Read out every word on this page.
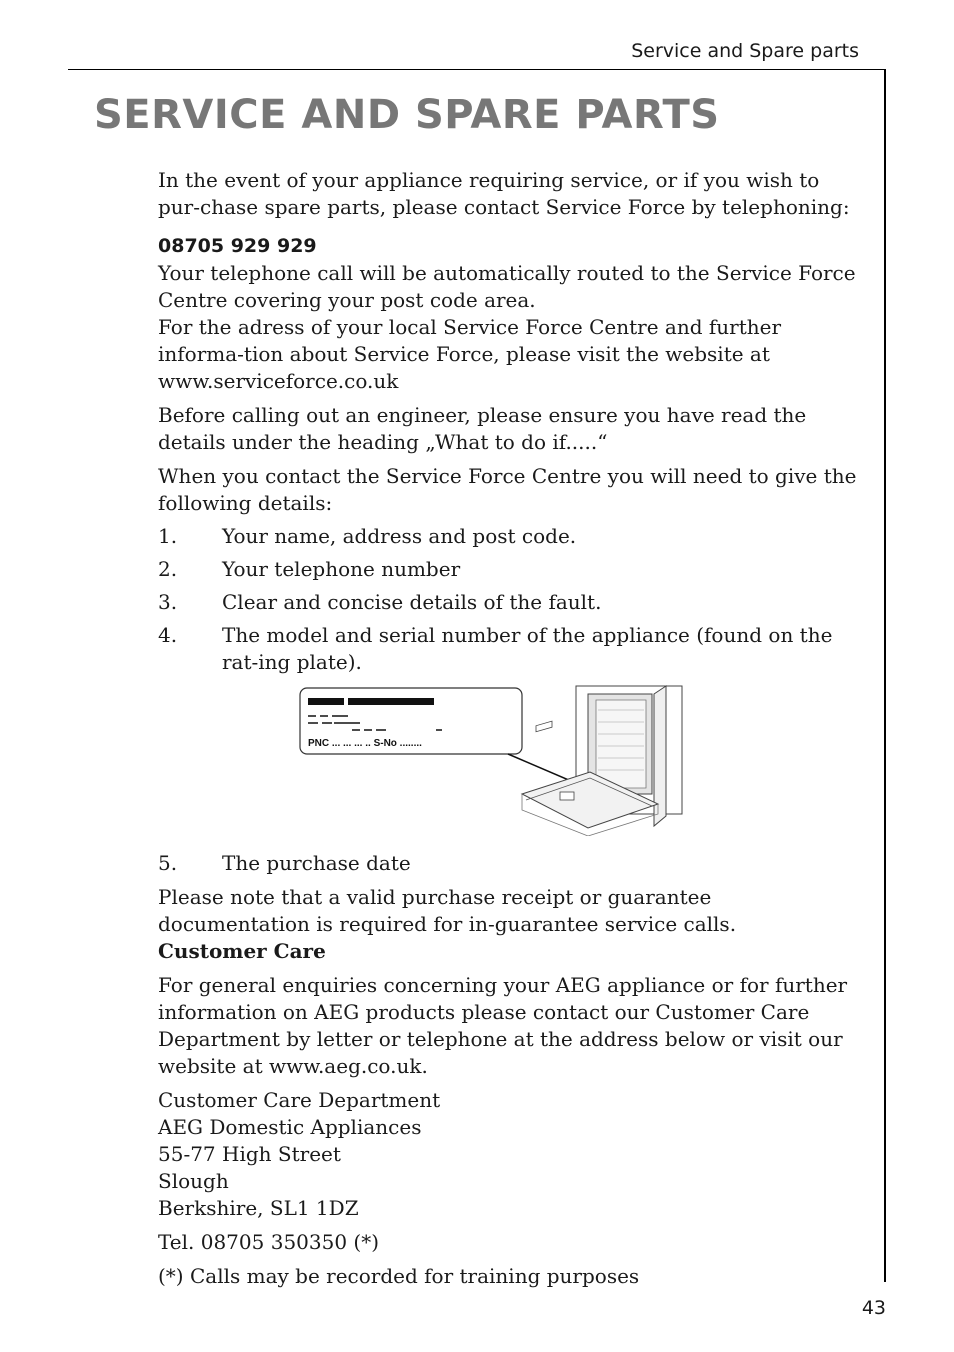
Service and Spare parts
SERVICE AND SPARE PARTS

In the event of your appliance requiring service, or if you wish to pur-chase spare parts, please contact Service Force by telephoning:

08705 929 929

Your telephone call will be automatically routed to the Service Force Centre covering your post code area.

For the adress of your local Service Force Centre and further informa-tion about Service Force, please visit the website at

www.serviceforce.co.uk

Before calling out an engineer, please ensure you have read the details under the heading „What to do if.....“

When you contact the Service Force Centre you will need to give the following details:

1.	Your name, address and post code.
2.	Your telephone number
3.	Clear and concise details of the fault.
4.	The model and serial number of the appliance (found on the rat-ing plate).
PNC ... ... ... .. S-No ........
5.	The purchase date

Please note that a valid purchase receipt or guarantee documentation is required for in-guarantee service calls.

Customer Care

For general enquiries concerning your AEG appliance or for further information on AEG products please contact our Customer Care Department by letter or telephone at the address below or visit our website at www.aeg.co.uk.

Customer Care Department

AEG Domestic Appliances

55-77 High Street

Slough

Berkshire, SL1 1DZ

Tel. 08705 350350 (*)

(*) Calls may be recorded for training purposes

43
